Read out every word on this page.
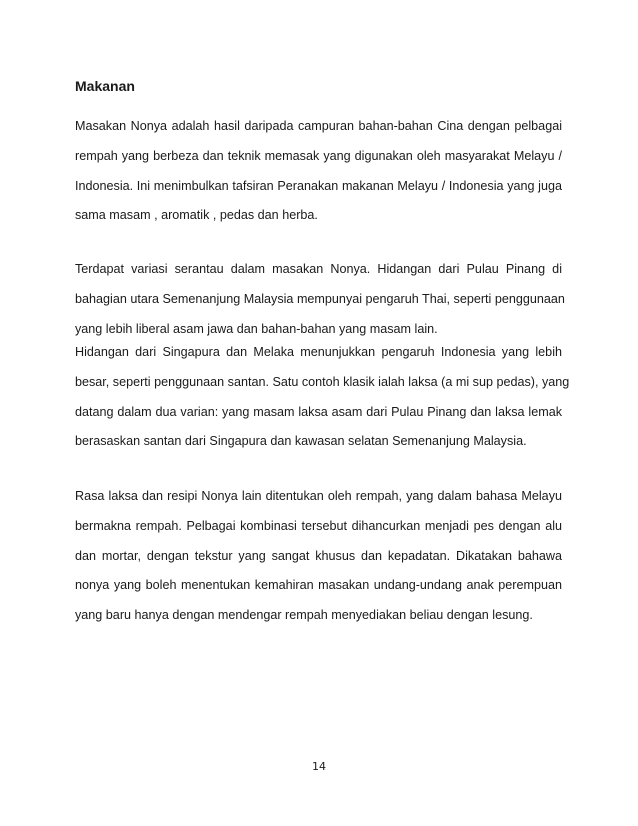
Makanan

Masakan Nonya adalah hasil daripada campuran bahan-bahan Cina dengan pelbagai
rempah yang berbeza dan teknik memasak yang digunakan oleh masyarakat Melayu /
Indonesia. Ini menimbulkan tafsiran Peranakan makanan Melayu / Indonesia yang juga
sama masam , aromatik , pedas dan herba.

Terdapat variasi serantau dalam masakan Nonya. Hidangan dari Pulau Pinang di
bahagian utara Semenanjung Malaysia mempunyai pengaruh Thai, seperti penggunaan
yang lebih liberal asam jawa dan bahan-bahan yang masam lain.

Hidangan dari Singapura dan Melaka menunjukkan pengaruh Indonesia yang lebih
besar, seperti penggunaan santan. Satu contoh klasik ialah laksa (a mi sup pedas), yang
datang dalam dua varian: yang masam laksa asam dari Pulau Pinang dan laksa lemak
berasaskan santan dari Singapura dan kawasan selatan Semenanjung Malaysia.

Rasa laksa dan resipi Nonya lain ditentukan oleh rempah, yang dalam bahasa Melayu
bermakna rempah. Pelbagai kombinasi tersebut dihancurkan menjadi pes dengan alu
dan mortar, dengan tekstur yang sangat khusus dan kepadatan. Dikatakan bahawa
nonya yang boleh menentukan kemahiran masakan undang-undang anak perempuan
yang baru hanya dengan mendengar rempah menyediakan beliau dengan lesung.

14
